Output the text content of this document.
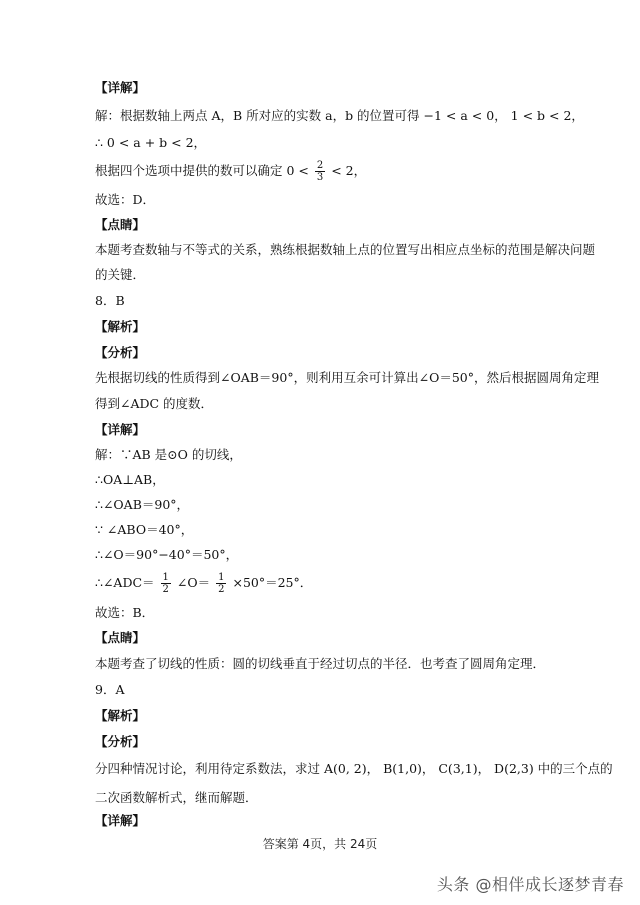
【详解】
解：根据数轴上两点 A，B 所对应的实数 a，b 的位置可得 −1 < a < 0， 1 < b < 2，
∴ 0 < a + b < 2，
根据四个选项中提供的数可以确定 $0 < \frac{2}{3} < 2$，
故选：D．
【点睛】
本题考查数轴与不等式的关系，熟练根据数轴上点的位置写出相应点坐标的范围是解决问题
的关键．
8．B
【解析】
【分析】
先根据切线的性质得到∠OAB＝90°，则利用互余可计算出∠O＝50°，然后根据圆周角定理
得到∠ADC 的度数．
【详解】
解：∵AB 是⊙O 的切线，
∴OA⊥AB，
∴∠OAB＝90°，
∵ ∠ABO＝40°，
∴∠O＝90°−40°＝50°，
∴∠ADC＝ $\frac{1}{2}$ ∠O＝ $\frac{1}{2} \times 50^\circ=25^\circ$．
故选：B．
【点睛】
本题考查了切线的性质：圆的切线垂直于经过切点的半径．也考查了圆周角定理．
9．A
【解析】
【分析】
分四种情况讨论，利用待定系数法，求过 A(0, 2)， B(1,0)， C(3,1)， D(2,3) 中的三个点的
二次函数解析式，继而解题．
【详解】
答案第 4页，共 24页
头条 @相伴成长逐梦青春
